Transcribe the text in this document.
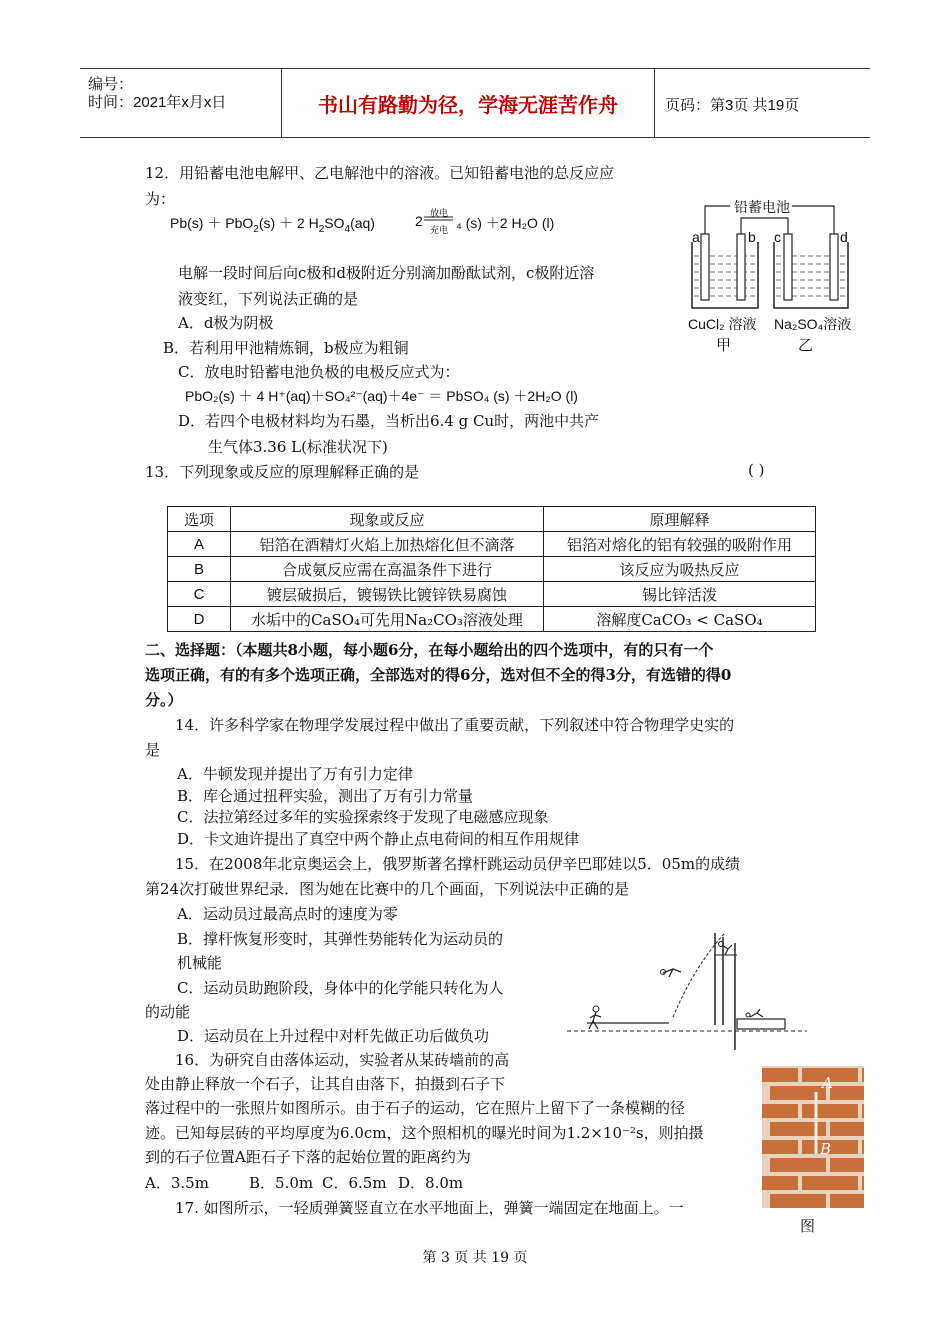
编号：
时间：2021年x月x日	书山有路勤为径，学海无涯苦作舟	页码：第3页 共19页
12．用铅蓄电池电解甲、乙电解池中的溶液。已知铅蓄电池的总反应应
为：
Pb(s) ＋ PbO$_2$(s) ＋ 2 $H_2SO_4(aq)$	2 放电
充电 ₄ (s) ＋2 H₂O (l)
电解一段时间后向c极和d极附近分别滴加酚酞试剂，c极附近溶
液变红，下列说法正确的是
A．d极为阴极
B．若利用甲池精炼铜，b极应为粗铜
C．放电时铅蓄电池负极的电极反应式为：
PbO₂(s) ＋ 4 H⁺(aq)＋SO₄²⁻(aq)＋4e⁻ ＝ PbSO₄ (s) ＋2H₂O (l)
D．若四个电极材料均为石墨，当析出6.4 g Cu时，两池中共产
生气体3.36 L(标准状况下)
铅蓄电池
a	b c	d
CuCl₂ 溶液 Na₂SO₄溶液
甲	乙
13．下列现象或反应的原理解释正确的是	( )
选项	现象或反应	原理解释
A	铝箔在酒精灯火焰上加热熔化但不滴落	铝箔对熔化的铝有较强的吸附作用
B	合成氨反应需在高温条件下进行	该反应为吸热反应
C	镀层破损后，镀锡铁比镀锌铁易腐蚀	锡比锌活泼
D	水垢中的CaSO₄可先用Na₂CO₃溶液处理	溶解度CaCO₃ < CaSO₄
二、选择题：（本题共8小题，每小题6分，在每小题给出的四个选项中，有的只有一个
选项正确，有的有多个选项正确，全部选对的得6分，选对但不全的得3分，有选错的得0
分。）
14．许多科学家在物理学发展过程中做出了重要贡献，下列叙述中符合物理学史实的
是
A．牛顿发现并提出了万有引力定律
B．库仑通过扭秤实验，测出了万有引力常量
C．法拉第经过多年的实验探索终于发现了电磁感应现象
D．卡文迪许提出了真空中两个静止点电荷间的相互作用规律
15．在2008年北京奥运会上，俄罗斯著名撑杆跳运动员伊辛巴耶娃以5．05m的成绩
第24次打破世界纪录．图为她在比赛中的几个画面，下列说法中正确的是
A．运动员过最高点时的速度为零
B．撑杆恢复形变时，其弹性势能转化为运动员的
机械能
C．运动员助跑阶段，身体中的化学能只转化为人
的动能
D．运动员在上升过程中对杆先做正功后做负功
16．为研究自由落体运动，实验者从某砖墙前的高
处由静止释放一个石子，让其自由落下，拍摄到石子下
落过程中的一张照片如图所示。由于石子的运动，它在照片上留下了一条模糊的径
迹。已知每层砖的平均厚度为6.0cm，这个照相机的曝光时间为1.2×10⁻²s，则拍摄
到的石子位置A距石子下落的起始位置的距离约为
A．3.5m	B．5.0m C．6.5m D．8.0m
A
B
图
17. 如图所示，一轻质弹簧竖直立在水平地面上，弹簧一端固定在地面上。一
第 3 页 共 19 页
